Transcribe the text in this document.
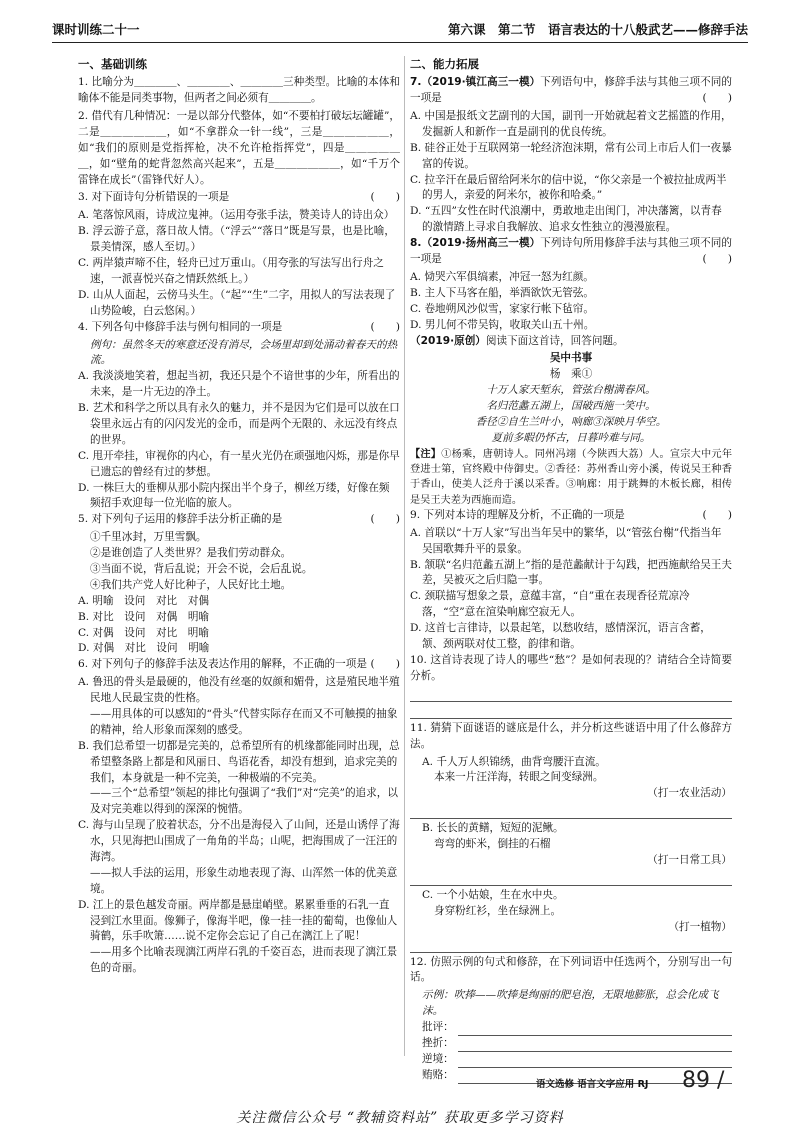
课时训练二十一	第六课　第二节　语言表达的十八般武艺——修辞手法
一、基础训练
1. 比喻分为＿＿＿＿、＿＿＿＿、＿＿＿＿三种类型。比喻的本体和喻体不能是同类事物，但两者之间必须有＿＿＿＿。
2. 借代有几种情况：一是以部分代整体，如“不要柏打破坛坛罐罐”，二是＿＿＿＿＿＿，如“不拿群众一针一线”，三是＿＿＿＿＿＿，如“我们的原则是党指挥枪，决不允许枪指挥党”，四是＿＿＿＿＿＿，如“壁角的蛇背忽然高兴起来”，五是＿＿＿＿＿＿，如“千万个雷锋在成长”（雷锋代好人）。

3. 对下面诗句分析错误的一项是	(　　)

A. 笔落惊风雨，诗成泣鬼神。（运用夸张手法，赞美诗人的诗出众）

B. 浮云游子意，落日故人情。（“浮云”“落日”既是写景，也是比喻，景美情深，感人至切。）

C. 两岸猿声啼不住，轻舟已过万重山。（用夸张的写法写出行舟之速，一派喜悦兴奋之情跃然纸上。）

D. 山从人面起，云傍马头生。（“起”“生”二字，用拟人的写法表现了山势险峻，白云悠闲。）

4. 下列各句中修辞手法与例句相同的一项是	(　　)

例句：虽然冬天的寒意还没有消尽，会场里却到处涌动着春天的热流。

A. 我淡淡地笑着，想起当初，我还只是个不谙世事的少年，所看出的未来，是一片无边的净土。

B. 艺术和科学之所以具有永久的魅力，并不是因为它们是可以放在口袋里永远占有的闪闪发光的金币，而是两个无限的、永远没有终点的世界。

C. 甩开牵挂，审视你的内心，有一星火光仍在顽强地闪烁，那是你早已遗忘的曾经有过的梦想。

D. 一株巨大的垂柳从那小院内探出半个身子，柳丝万缕，好像在频频招手欢迎每一位光临的旅人。

5. 对下列句子运用的修辞手法分析正确的是	(　　)

①千里冰封，万里雪飘。

②是谁创造了人类世界？是我们劳动群众。

③当面不说，背后乱说；开会不说，会后乱说。

④我们共产党人好比种子，人民好比土地。

A. 明喻　设问　对比　对偶

B. 对比　设问　对偶　明喻

C. 对偶　设问　对比　明喻

D. 对偶　对比　设问　明喻

6. 对下列句子的修辞手法及表达作用的解释，不正确的一项是 (　　)

A. 鲁迅的骨头是最硬的，他没有丝毫的奴颜和媚骨，这是殖民地半殖民地人民最宝贵的性格。

——用具体的可以感知的“骨头”代替实际存在而又不可触摸的抽象的精神，给人形象而深刻的感受。

B. 我们总希望一切都是完美的，总希望所有的机缘都能同时出现，总希望整条路上都是和风丽日、鸟语花香，却没有想到，追求完美的我们，本身就是一种不完美，一种极端的不完美。

——三个“总希望”领起的排比句强调了“我们”对“完美”的追求，以及对完美难以得到的深深的惋惜。

C. 海与山呈现了胶着状态，分不出是海侵入了山间，还是山诱俘了海水，只见海把山围成了一角角的半岛；山呢，把海围成了一汪汪的海湾。

——拟人手法的运用，形象生动地表现了海、山浑然一体的优美意境。

D. 江上的景色越发奇丽。两岸都是悬崖峭壁。累累垂垂的石乳一直浸到江水里面。像狮子，像海半吧，像一挂一挂的葡萄，也像仙人骑鹤，乐手吹箫……说不定你会忘记了自己在漓江上了呢！

——用多个比喻表现漓江两岸石乳的千姿百态，进而表现了漓江景色的奇丽。

二、能力拓展

7.（2019·镇江高三一模）下列语句中，修辞手法与其他三项不同的一项是	(　　)

A. 中国是报纸文艺副刊的大国，副刊一开始就起着文艺摇篮的作用，发掘新人和新作一直是副刊的优良传统。

B. 硅谷正处于互联网第一轮经济泡沫期，常有公司上市后人们一夜暴富的传说。

C. 拉辛汗在最后留给阿米尔的信中说，“你父亲是一个被拉扯成两半的男人，亲爱的阿米尔，被你和哈桑。”

D. “五四”女性在时代浪潮中，勇敢地走出闺门，冲决藩篱，以青春的激情踏上寻求自我解放、追求女性独立的漫漫旅程。

8.（2019·扬州高三一模）下列诗句所用修辞手法与其他三项不同的一项是	(　　)

A. 恸哭六军俱缟素，冲冠一怒为红颜。

B. 主人下马客在船，举酒欲饮无管弦。

C. 卷地朔风沙似雪，家家行帐下毡帘。

D. 男儿何不带吴钩，收取关山五十州。

（2019·原创）阅读下面这首诗，回答问题。

吴中书事

杨　乘①

十万人家天堑东，管弦台榭满春风。

名归范蠡五湖上，国破西施一笑中。

香径②自生兰叶小，响廊③深映月华空。

夏前多暇仍怀古，日暮吟难与同。

【注】①杨乘，唐朝诗人。同州冯翊（今陕西大荔）人。宣宗大中元年登进士第，官终殿中侍御史。②香径：苏州香山旁小溪，传说吴王种香于香山，使美人泛舟于溪以采香。③响廊：用于跳舞的木板长廊，相传是吴王夫差为西施而造。

9. 下列对本诗的理解及分析，不正确的一项是	(　　)

A. 首联以“十万人家”写出当年吴中的繁华，以“管弦台榭”代指当年吴国歌舞升平的景象。

B. 颔联“名归范蠡五湖上”指的是范蠡献计于勾践，把西施献给吴王夫差，吴被灭之后归隐一事。

C. 颈联描写想象之景，意蕴丰富，“自”重在表现香径荒凉冷落，“空”意在渲染响廊空寂无人。

D. 这首七言律诗，以景起笔，以愁收结，感情深沉，语言含蓄，颔、颈两联对仗工整，韵律和谐。

10. 这首诗表现了诗人的哪些“愁”？是如何表现的？请结合全诗简要分析。

11. 猜猜下面谜语的谜底是什么，并分析这些谜语中用了什么修辞方法。

A. 千人万人织锦绣，曲背弯腰汗直流。

本来一片汪洋海，转眼之间变绿洲。

（打一农业活动）

B. 长长的黄鳝，短短的泥鳅。

弯弯的虾米，倒挂的石榴

（打一日常工具）

C. 一个小姑娘，生在水中央。

身穿粉红衫，坐在绿洲上。

（打一植物）

12. 仿照示例的句式和修辞，在下列词语中任选两个，分别写出一句话。

示例：吹捧——吹捧是绚丽的肥皂泡，无限地膨胀，总会化成飞沫。

批评：

挫折：

逆境：

贿赂：

语文选修 语言文字应用 RJ 89 /
关注微信公众号 “教辅资料站” 获取更多学习资料
